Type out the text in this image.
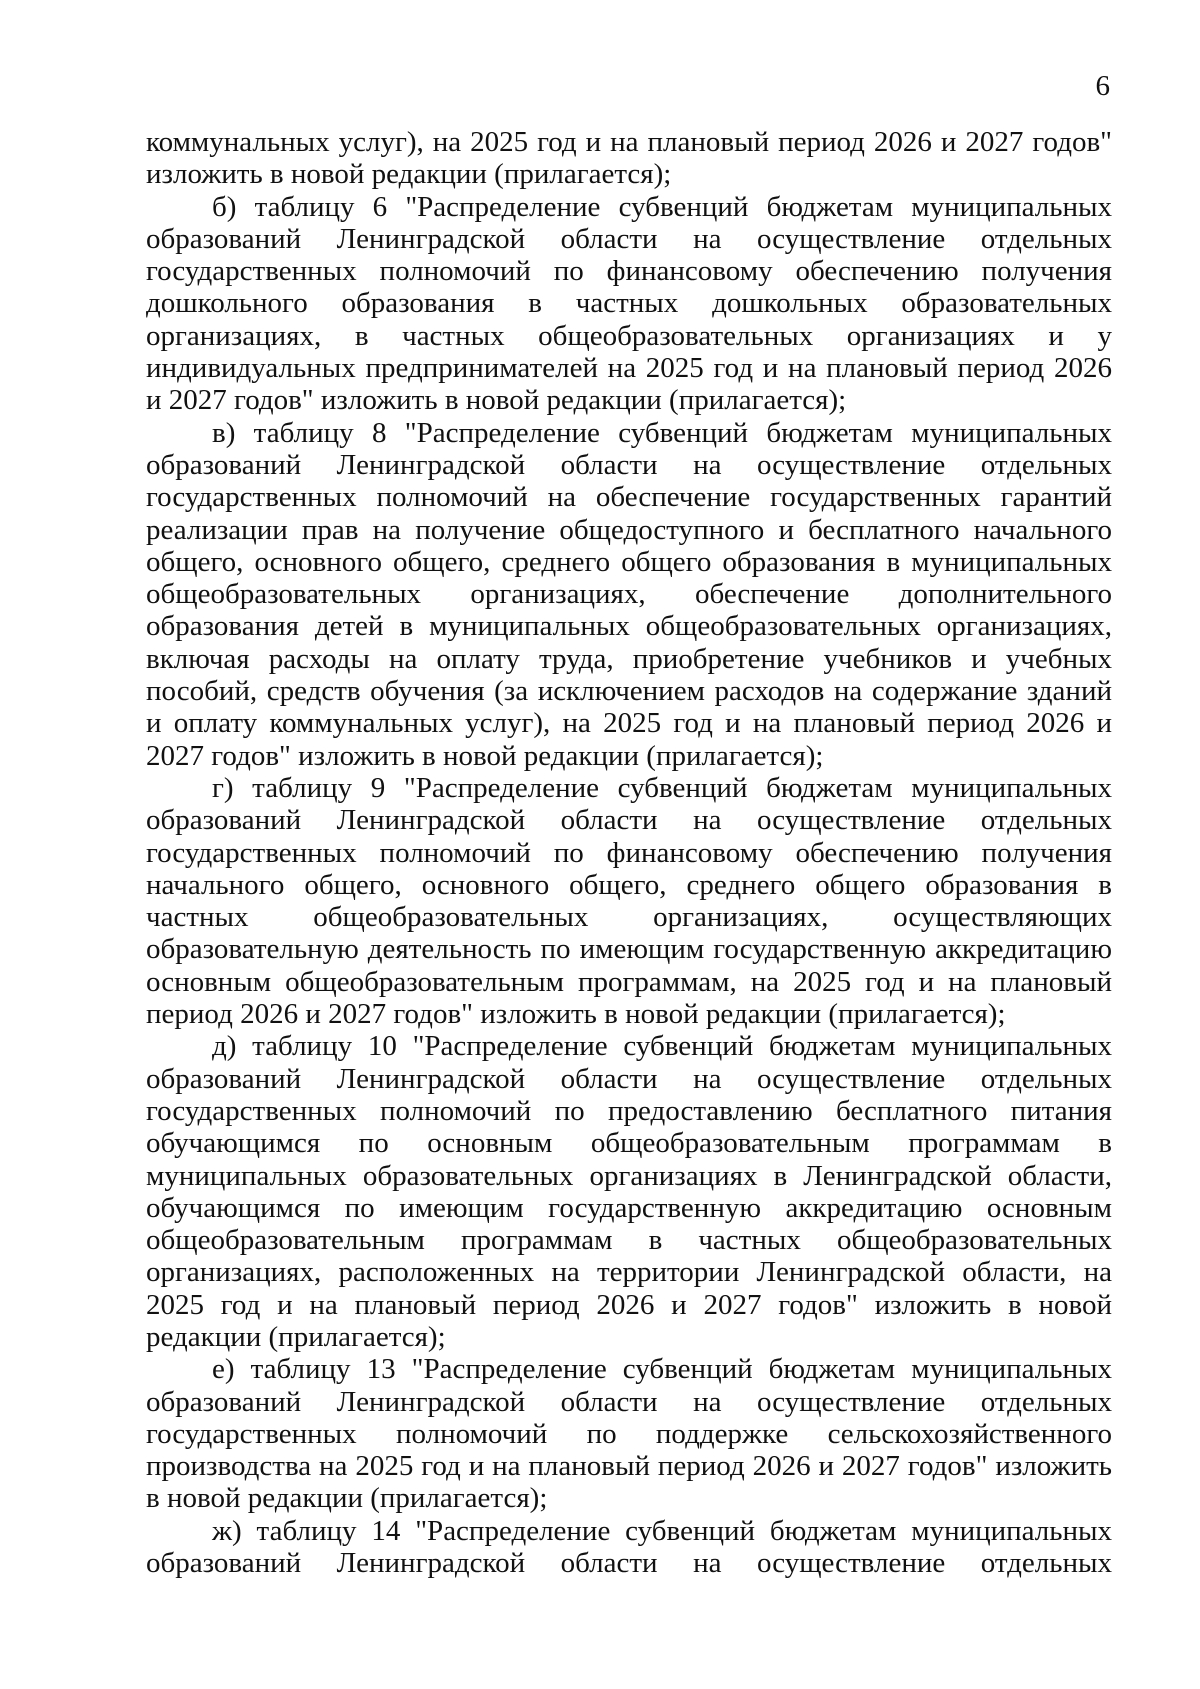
6

коммунальных услуг), на 2025 год и на плановый период 2026 и 2027 годов" изложить в новой редакции (прилагается);

б) таблицу 6 "Распределение субвенций бюджетам муниципальных образований Ленинградской области на осуществление отдельных государственных полномочий по финансовому обеспечению получения дошкольного образования в частных дошкольных образовательных организациях, в частных общеобразовательных организациях и у индивидуальных предпринимателей на 2025 год и на плановый период 2026 и 2027 годов" изложить в новой редакции (прилагается);

в) таблицу 8 "Распределение субвенций бюджетам муниципальных образований Ленинградской области на осуществление отдельных государственных полномочий на обеспечение государственных гарантий реализации прав на получение общедоступного и бесплатного начального общего, основного общего, среднего общего образования в муниципальных общеобразовательных организациях, обеспечение дополнительного образования детей в муниципальных общеобразовательных организациях, включая расходы на оплату труда, приобретение учебников и учебных пособий, средств обучения (за исключением расходов на содержание зданий и оплату коммунальных услуг), на 2025 год и на плановый период 2026 и 2027 годов" изложить в новой редакции (прилагается);

г) таблицу 9 "Распределение субвенций бюджетам муниципальных образований Ленинградской области на осуществление отдельных государственных полномочий по финансовому обеспечению получения начального общего, основного общего, среднего общего образования в частных общеобразовательных организациях, осуществляющих образовательную деятельность по имеющим государственную аккредитацию основным общеобразовательным программам, на 2025 год и на плановый период 2026 и 2027 годов" изложить в новой редакции (прилагается);

д) таблицу 10 "Распределение субвенций бюджетам муниципальных образований Ленинградской области на осуществление отдельных государственных полномочий по предоставлению бесплатного питания обучающимся по основным общеобразовательным программам в муниципальных образовательных организациях в Ленинградской области, обучающимся по имеющим государственную аккредитацию основным общеобразовательным программам в частных общеобразовательных организациях, расположенных на территории Ленинградской области, на 2025 год и на плановый период 2026 и 2027 годов" изложить в новой редакции (прилагается);

е) таблицу 13 "Распределение субвенций бюджетам муниципальных образований Ленинградской области на осуществление отдельных государственных полномочий по поддержке сельскохозяйственного производства на 2025 год и на плановый период 2026 и 2027 годов" изложить в новой редакции (прилагается);

ж) таблицу 14 "Распределение субвенций бюджетам муниципальных образований Ленинградской области на осуществление отдельных
